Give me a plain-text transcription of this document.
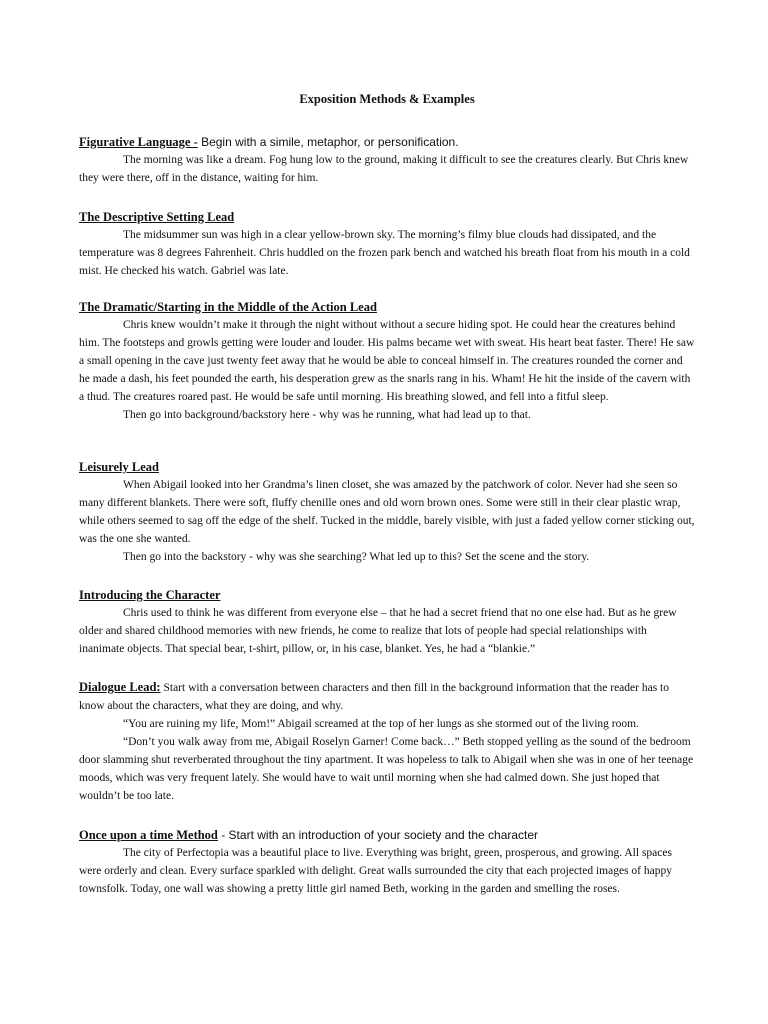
Exposition Methods & Examples
Figurative Language - Begin with a simile, metaphor, or personification.

The morning was like a dream. Fog hung low to the ground, making it difficult to see the creatures clearly. But Chris knew they were there, off in the distance, waiting for him.

The Descriptive Setting Lead

The midsummer sun was high in a clear yellow-brown sky. The morning’s filmy blue clouds had dissipated, and the temperature was 8 degrees Fahrenheit. Chris huddled on the frozen park bench and watched his breath float from his mouth in a cold mist. He checked his watch. Gabriel was late.

The Dramatic/Starting in the Middle of the Action Lead

Chris knew wouldn’t make it through the night without without a secure hiding spot. He could hear the creatures behind him. The footsteps and growls getting were louder and louder. His palms became wet with sweat. His heart beat faster. There! He saw a small opening in the cave just twenty feet away that he would be able to conceal himself in. The creatures rounded the corner and he made a dash, his feet pounded the earth, his desperation grew as the snarls rang in his. Wham! He hit the inside of the cavern with a thud. The creatures roared past. He would be safe until morning. His breathing slowed, and fell into a fitful sleep.

Then go into background/backstory here - why was he running, what had lead up to that.

Leisurely Lead

When Abigail looked into her Grandma’s linen closet, she was amazed by the patchwork of color. Never had she seen so many different blankets. There were soft, fluffy chenille ones and old worn brown ones. Some were still in their clear plastic wrap, while others seemed to sag off the edge of the shelf. Tucked in the middle, barely visible, with just a faded yellow corner sticking out, was the one she wanted.

Then go into the backstory - why was she searching? What led up to this? Set the scene and the story.

Introducing the Character

Chris used to think he was different from everyone else – that he had a secret friend that no one else had. But as he grew older and shared childhood memories with new friends, he come to realize that lots of people had special relationships with inanimate objects. That special bear, t-shirt, pillow, or, in his case, blanket. Yes, he had a “blankie.”

Dialogue Lead: Start with a conversation between characters and then fill in the background information that the reader has to know about the characters, what they are doing, and why.

“You are ruining my life, Mom!” Abigail screamed at the top of her lungs as she stormed out of the living room.

“Don’t you walk away from me, Abigail Roselyn Garner! Come back…” Beth stopped yelling as the sound of the bedroom door slamming shut reverberated throughout the tiny apartment. It was hopeless to talk to Abigail when she was in one of her teenage moods, which was very frequent lately. She would have to wait until morning when she had calmed down. She just hoped that wouldn’t be too late.

Once upon a time Method - Start with an introduction of your society and the character

The city of Perfectopia was a beautiful place to live. Everything was bright, green, prosperous, and growing. All spaces were orderly and clean. Every surface sparkled with delight. Great walls surrounded the city that each projected images of happy townsfolk. Today, one wall was showing a pretty little girl named Beth, working in the garden and smelling the roses.
